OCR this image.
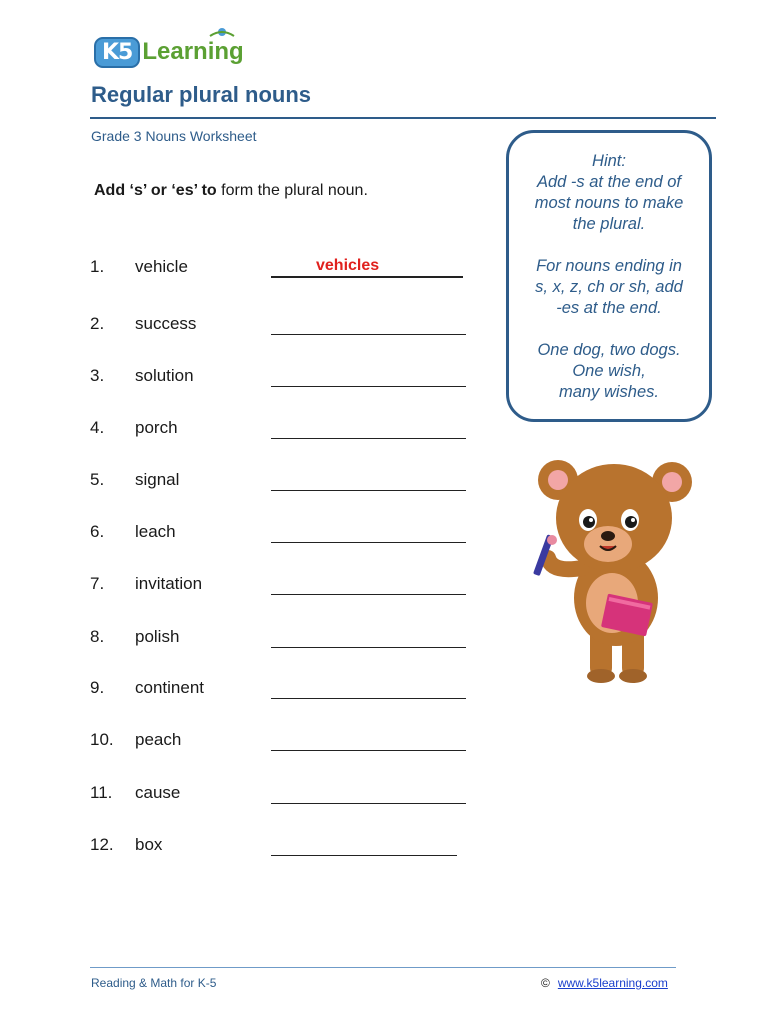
K5 Learning
Regular plural nouns
Grade 3 Nouns Worksheet
Add ‘s’ or ‘es’ to form the plural noun.
1. vehicle	vehicles
2. success
3. solution
4. porch
5. signal
6. leach
7. invitation
8. polish
9. continent
10. peach
11. cause
12. box

Hint:
Add -s at the end of
most nouns to make
the plural.

For nouns ending in
s, x, z, ch or sh, add
-es at the end.

One dog, two dogs.
One wish,
many wishes.

Reading & Math for K-5	© www.k5learning.com
